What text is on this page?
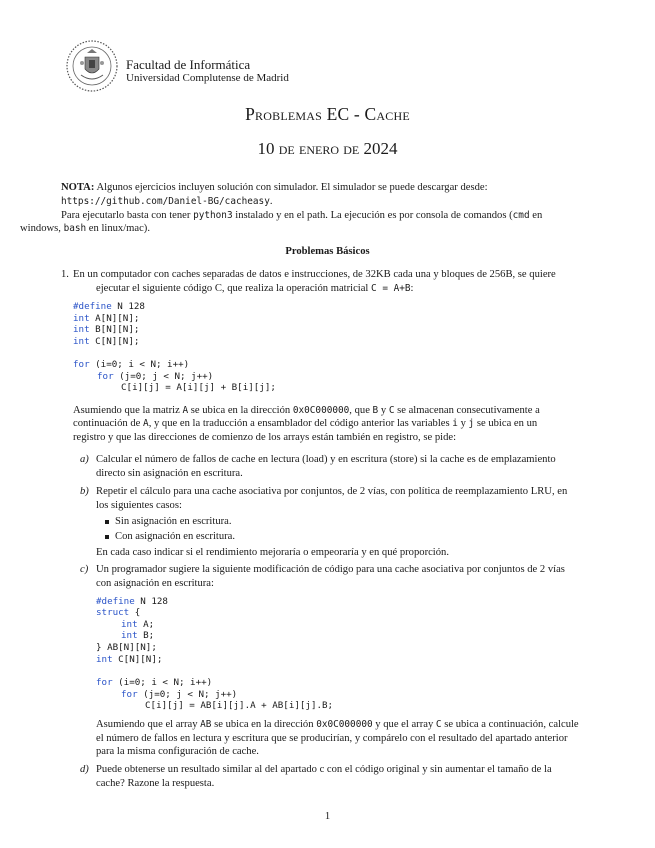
Facultad de Informática
Universidad Complutense de Madrid
Problemas EC - Cache
10 de enero de 2024
NOTA: Algunos ejercicios incluyen solución con simulador. El simulador se puede descargar desde:
https://github.com/Daniel-BG/cacheasy.
Para ejecutarlo basta con tener python3 instalado y en el path. La ejecución es por consola de comandos (cmd en
windows, bash en linux/mac).
Problemas Básicos
1. En un computador con caches separadas de datos e instrucciones, de 32KB cada una y bloques de 256B, se quiere
ejecutar el siguiente código C, que realiza la operación matricial C = A+B:
#define N 128
int A[N][N];
int B[N][N];
int C[N][N];
for (i=0; i < N; i++)
for (j=0; j < N; j++)
C[i][j] = A[i][j] + B[i][j];
Asumiendo que la matriz A se ubica en la dirección 0x0C000000, que B y C se almacenan consecutivamente a
continuación de A, y que en la traducción a ensamblador del código anterior las variables i y j se ubica en un
registro y que las direcciones de comienzo de los arrays están también en registro, se pide:
a) Calcular el número de fallos de cache en lectura (load) y en escritura (store) si la cache es de emplazamiento
directo sin asignación en escritura.
b) Repetir el cálculo para una cache asociativa por conjuntos, de 2 vías, con política de reemplazamiento LRU, en
los siguientes casos:
Sin asignación en escritura.
Con asignación en escritura.
En cada caso indicar si el rendimiento mejoraría o empeoraría y en qué proporción.
c) Un programador sugiere la siguiente modificación de código para una cache asociativa por conjuntos de 2 vías
con asignación en escritura:
#define N 128
struct {
int A;
int B;
} AB[N][N];
int C[N][N];
for (i=0; i < N; i++)
for (j=0; j < N; j++)
C[i][j] = AB[i][j].A + AB[i][j].B;
Asumiendo que el array AB se ubica en la dirección 0x0C000000 y que el array C se ubica a continuación, calcule
el número de fallos en lectura y escritura que se producirían, y compárelo con el resultado del apartado anterior
para la misma configuración de cache.
d) Puede obtenerse un resultado similar al del apartado c con el código original y sin aumentar el tamaño de la
cache? Razone la respuesta.
1
